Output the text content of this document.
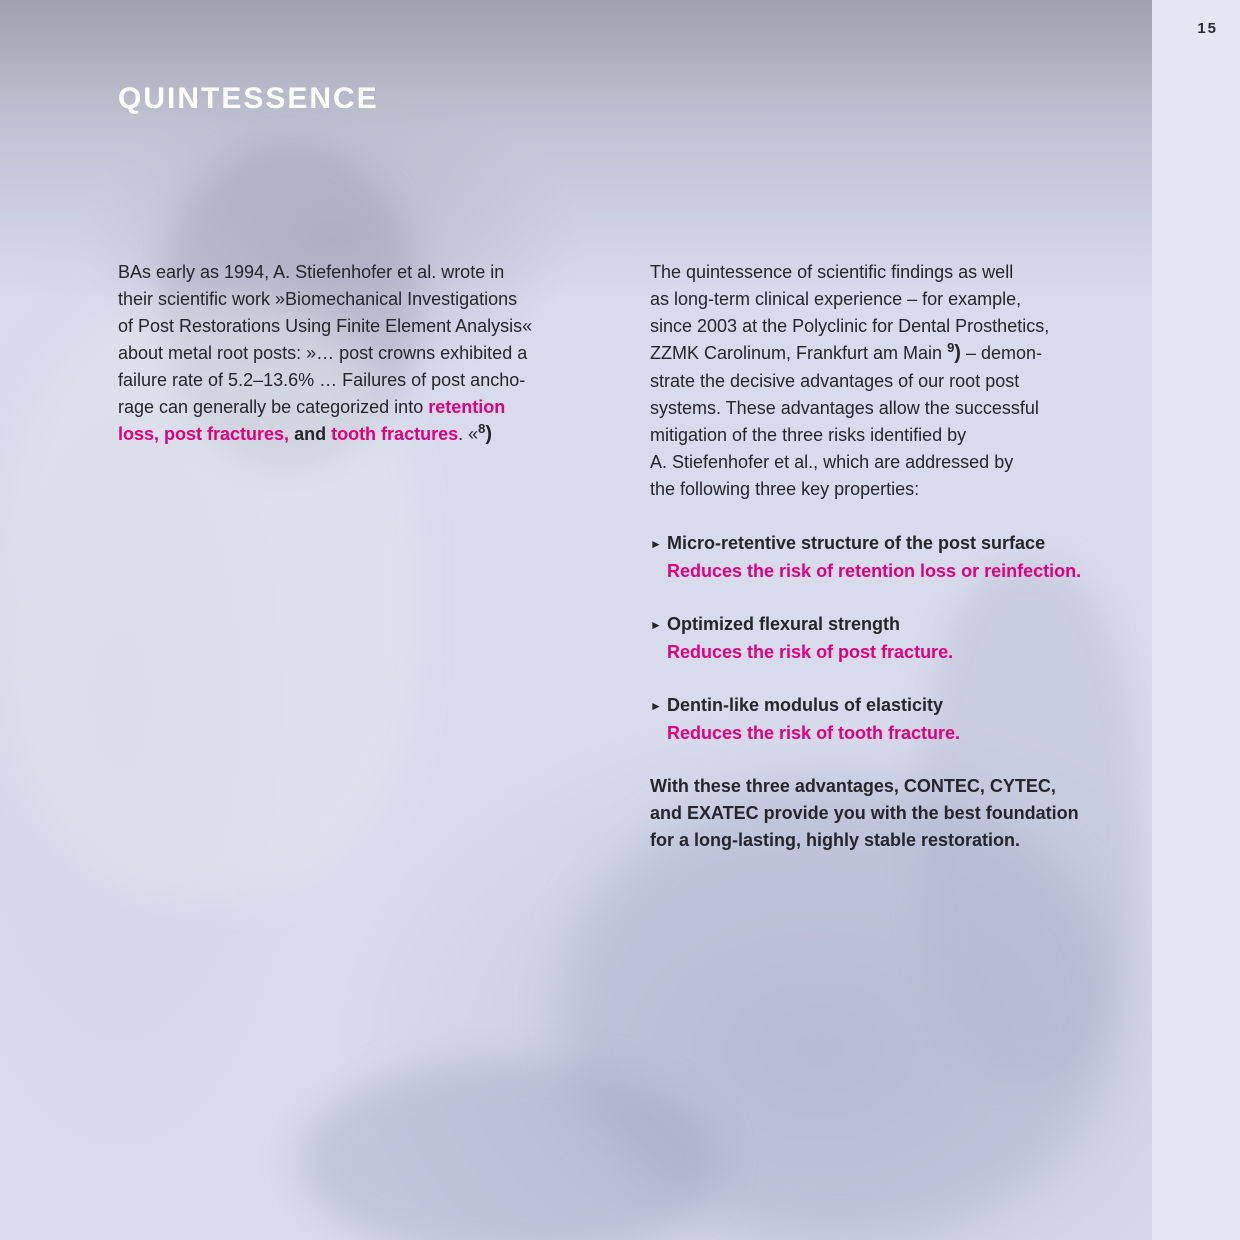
15
QUINTESSENCE
BAs early as 1994, A. Stiefenhofer et al. wrote in
their scientific work »Biomechanical Investigations
of Post Restorations Using Finite Element Analysis«
about metal root posts: »… post crowns exhibited a
failure rate of 5.2–13.6% … Failures of post ancho-
rage can generally be categorized into retention
loss, post fractures, and tooth fractures. «$^8$)
The quintessence of scientific findings as well
as long-term clinical experience – for example,
since 2003 at the Polyclinic for Dental Prosthetics,
ZZMK Carolinum, Frankfurt am Main $^9$) – demon-
strate the decisive advantages of our root post
systems. These advantages allow the successful
mitigation of the three risks identified by
A. Stiefenhofer et al., which are addressed by
the following three key properties:
► Micro-retentive structure of the post surface
Reduces the risk of retention loss or reinfection.
► Optimized flexural strength
Reduces the risk of post fracture.
► Dentin-like modulus of elasticity
Reduces the risk of tooth fracture.
With these three advantages, CONTEC, CYTEC,
and EXATEC provide you with the best foundation
for a long-lasting, highly stable restoration.
